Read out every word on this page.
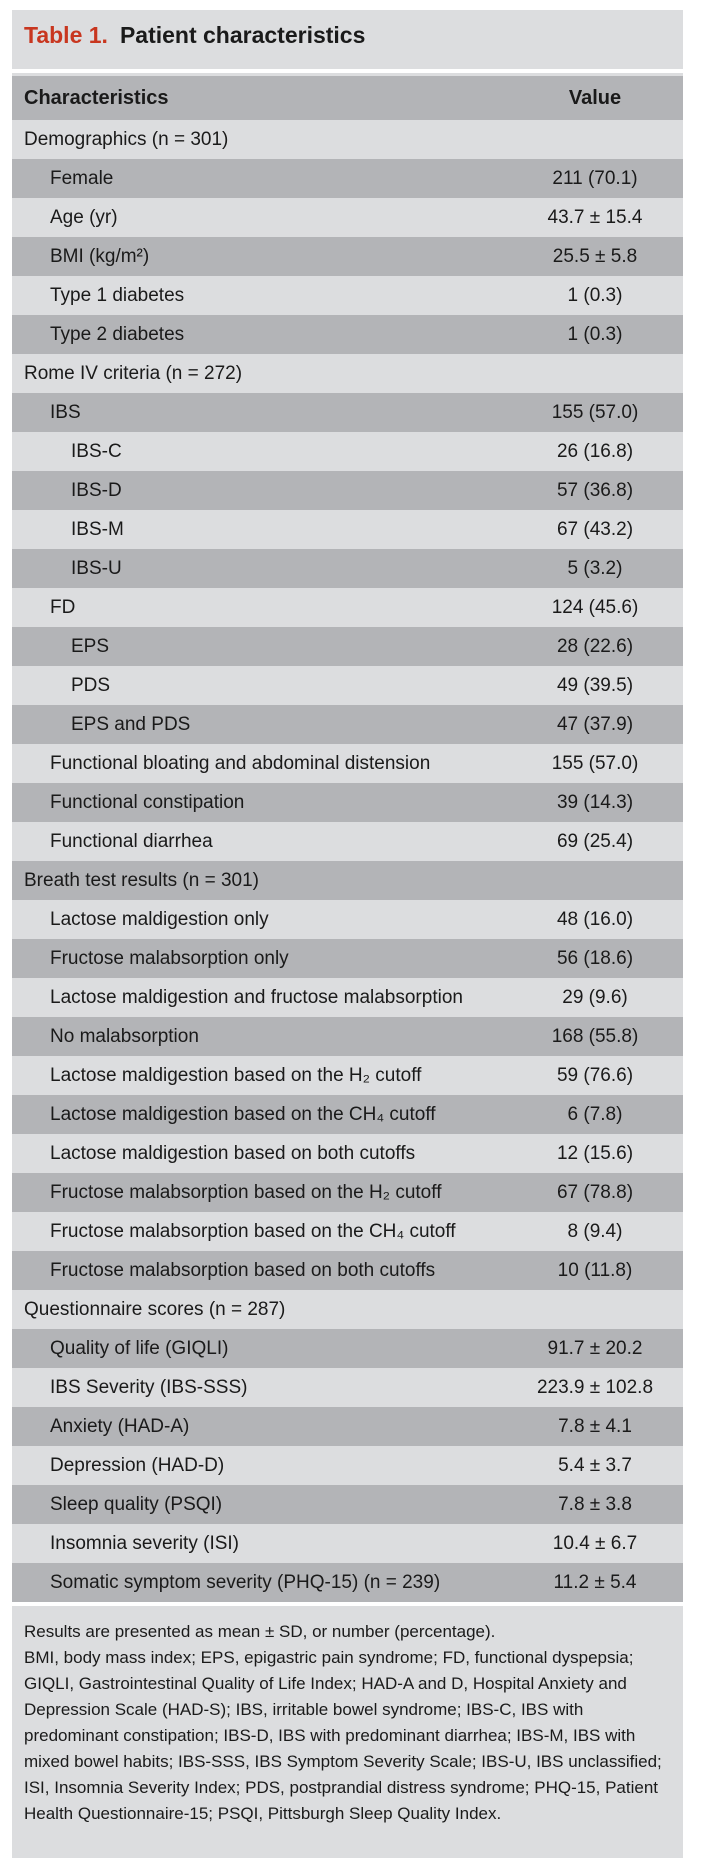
Table 1. Patient characteristics
Characteristics	Value
Demographics (n = 301)
Female	211 (70.1)
Age (yr)	43.7 ± 15.4
BMI (kg/m²)	25.5 ± 5.8
Type 1 diabetes	1 (0.3)
Type 2 diabetes	1 (0.3)
Rome IV criteria (n = 272)
IBS	155 (57.0)
IBS-C	26 (16.8)
IBS-D	57 (36.8)
IBS-M	67 (43.2)
IBS-U	5 (3.2)
FD	124 (45.6)
EPS	28 (22.6)
PDS	49 (39.5)
EPS and PDS	47 (37.9)
Functional bloating and abdominal distension	155 (57.0)
Functional constipation	39 (14.3)
Functional diarrhea	69 (25.4)
Breath test results (n = 301)
Lactose maldigestion only	48 (16.0)
Fructose malabsorption only	56 (18.6)
Lactose maldigestion and fructose malabsorption	29 (9.6)
No malabsorption	168 (55.8)
Lactose maldigestion based on the H₂ cutoff	59 (76.6)
Lactose maldigestion based on the CH₄ cutoff	6 (7.8)
Lactose maldigestion based on both cutoffs	12 (15.6)
Fructose malabsorption based on the H₂ cutoff	67 (78.8)
Fructose malabsorption based on the CH₄ cutoff	8 (9.4)
Fructose malabsorption based on both cutoffs	10 (11.8)
Questionnaire scores (n = 287)
Quality of life (GIQLI)	91.7 ± 20.2
IBS Severity (IBS-SSS)	223.9 ± 102.8
Anxiety (HAD-A)	7.8 ± 4.1
Depression (HAD-D)	5.4 ± 3.7
Sleep quality (PSQI)	7.8 ± 3.8
Insomnia severity (ISI)	10.4 ± 6.7
Somatic symptom severity (PHQ-15) (n = 239)	11.2 ± 5.4

Results are presented as mean ± SD, or number (percentage).

BMI, body mass index; EPS, epigastric pain syndrome; FD, functional dyspepsia; GIQLI, Gastrointestinal Quality of Life Index; HAD-A and D, Hospital Anxiety and Depression Scale (HAD-S); IBS, irritable bowel syndrome; IBS-C, IBS with predominant constipation; IBS-D, IBS with predominant diarrhea; IBS-M, IBS with mixed bowel habits; IBS-SSS, IBS Symptom Severity Scale; IBS-U, IBS unclassified; ISI, Insomnia Severity Index; PDS, postprandial distress syndrome; PHQ-15, Patient Health Questionnaire-15; PSQI, Pittsburgh Sleep Quality Index.
